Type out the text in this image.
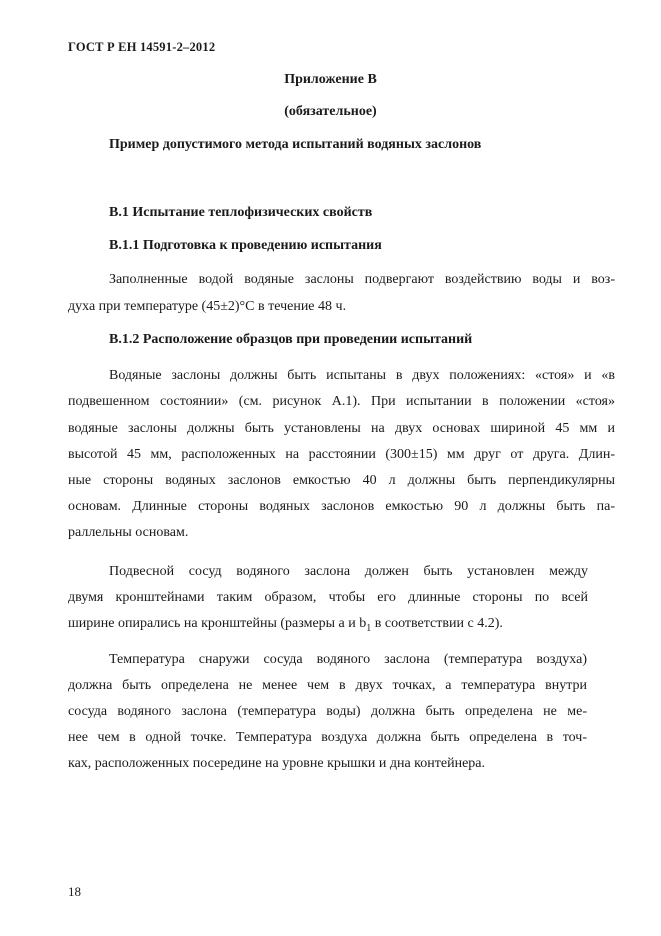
ГОСТ Р ЕН 14591-2–2012
Приложение В
(обязательное)
Пример допустимого метода испытаний водяных заслонов
В.1 Испытание теплофизических свойств
В.1.1 Подготовка к проведению испытания
Заполненные водой водяные заслоны подвергают воздействию воды и воз-
духа при температуре (45±2)°С в течение 48 ч.
В.1.2 Расположение образцов при проведении испытаний
Водяные заслоны должны быть испытаны в двух положениях: «стоя» и «в
подвешенном состоянии» (см. рисунок А.1). При испытании в положении «стоя»
водяные заслоны должны быть установлены на двух основах шириной 45 мм и
высотой 45 мм, расположенных на расстоянии (300±15) мм друг от друга. Длин-
ные стороны водяных заслонов емкостью 40 л должны быть перпендикулярны
основам. Длинные стороны водяных заслонов емкостью 90 л должны быть па-
раллельны основам.
Подвесной сосуд водяного заслона должен быть установлен между
двумя кронштейнами таким образом, чтобы его длинные стороны по всей
ширине опирались на кронштейны (размеры a и $b_1$ в соответствии с 4.2).
Температура снаружи сосуда водяного заслона (температура воздуха)
должна быть определена не менее чем в двух точках, а температура внутри
сосуда водяного заслона (температура воды) должна быть определена не ме-
нее чем в одной точке. Температура воздуха должна быть определена в точ-
ках, расположенных посередине на уровне крышки и дна контейнера.
18
